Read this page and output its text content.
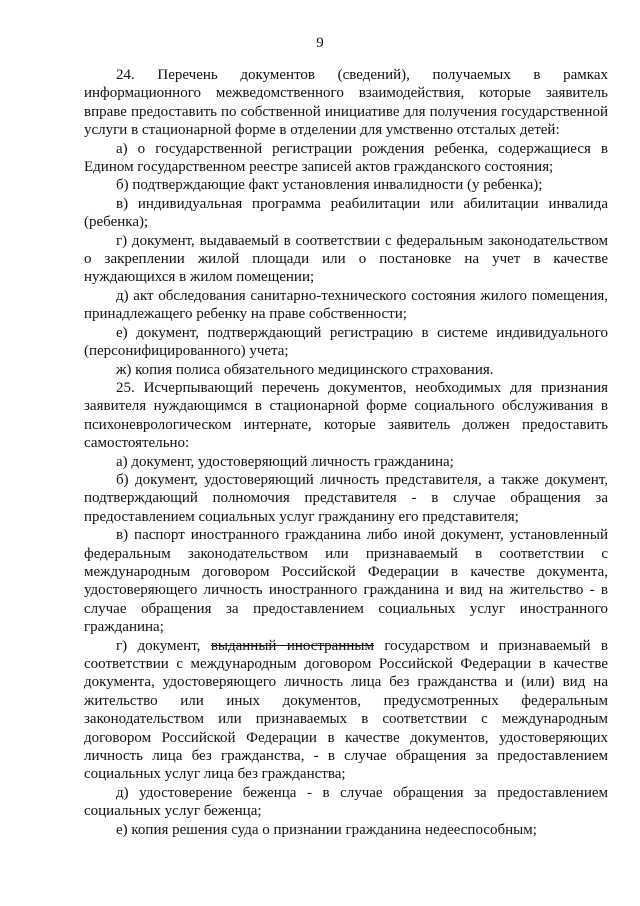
9

24. Перечень документов (сведений), получаемых в рамках информационного межведомственного взаимодействия, которые заявитель вправе предоставить по собственной инициативе для получения государственной услуги в стационарной форме в отделении для умственно отсталых детей:

а) о государственной регистрации рождения ребенка, содержащиеся в Едином государственном реестре записей актов гражданского состояния;

б) подтверждающие факт установления инвалидности (у ребенка);

в) индивидуальная программа реабилитации или абилитации инвалида (ребенка);

г) документ, выдаваемый в соответствии с федеральным законодательством о закреплении жилой площади или о постановке на учет в качестве нуждающихся в жилом помещении;

д) акт обследования санитарно-технического состояния жилого помещения, принадлежащего ребенку на праве собственности;

е) документ, подтверждающий регистрацию в системе индивидуального (персонифицированного) учета;

ж) копия полиса обязательного медицинского страхования.

25. Исчерпывающий перечень документов, необходимых для признания заявителя нуждающимся в стационарной форме социального обслуживания в психоневрологическом интернате, которые заявитель должен предоставить самостоятельно:

а) документ, удостоверяющий личность гражданина;

б) документ, удостоверяющий личность представителя, а также документ, подтверждающий полномочия представителя - в случае обращения за предоставлением социальных услуг гражданину его представителя;

в) паспорт иностранного гражданина либо иной документ, установленный федеральным законодательством или признаваемый в соответствии с международным договором Российской Федерации в качестве документа, удостоверяющего личность иностранного гражданина и вид на жительство - в случае обращения за предоставлением социальных услуг иностранного гражданина;

г) документ, выданный иностранным государством и признаваемый в соответствии с международным договором Российской Федерации в качестве документа, удостоверяющего личность лица без гражданства и (или) вид на жительство или иных документов, предусмотренных федеральным законодательством или признаваемых в соответствии с международным договором Российской Федерации в качестве документов, удостоверяющих личность лица без гражданства, - в случае обращения за предоставлением социальных услуг лица без гражданства;

д) удостоверение беженца - в случае обращения за предоставлением социальных услуг беженца;

е) копия решения суда о признании гражданина недееспособным;
